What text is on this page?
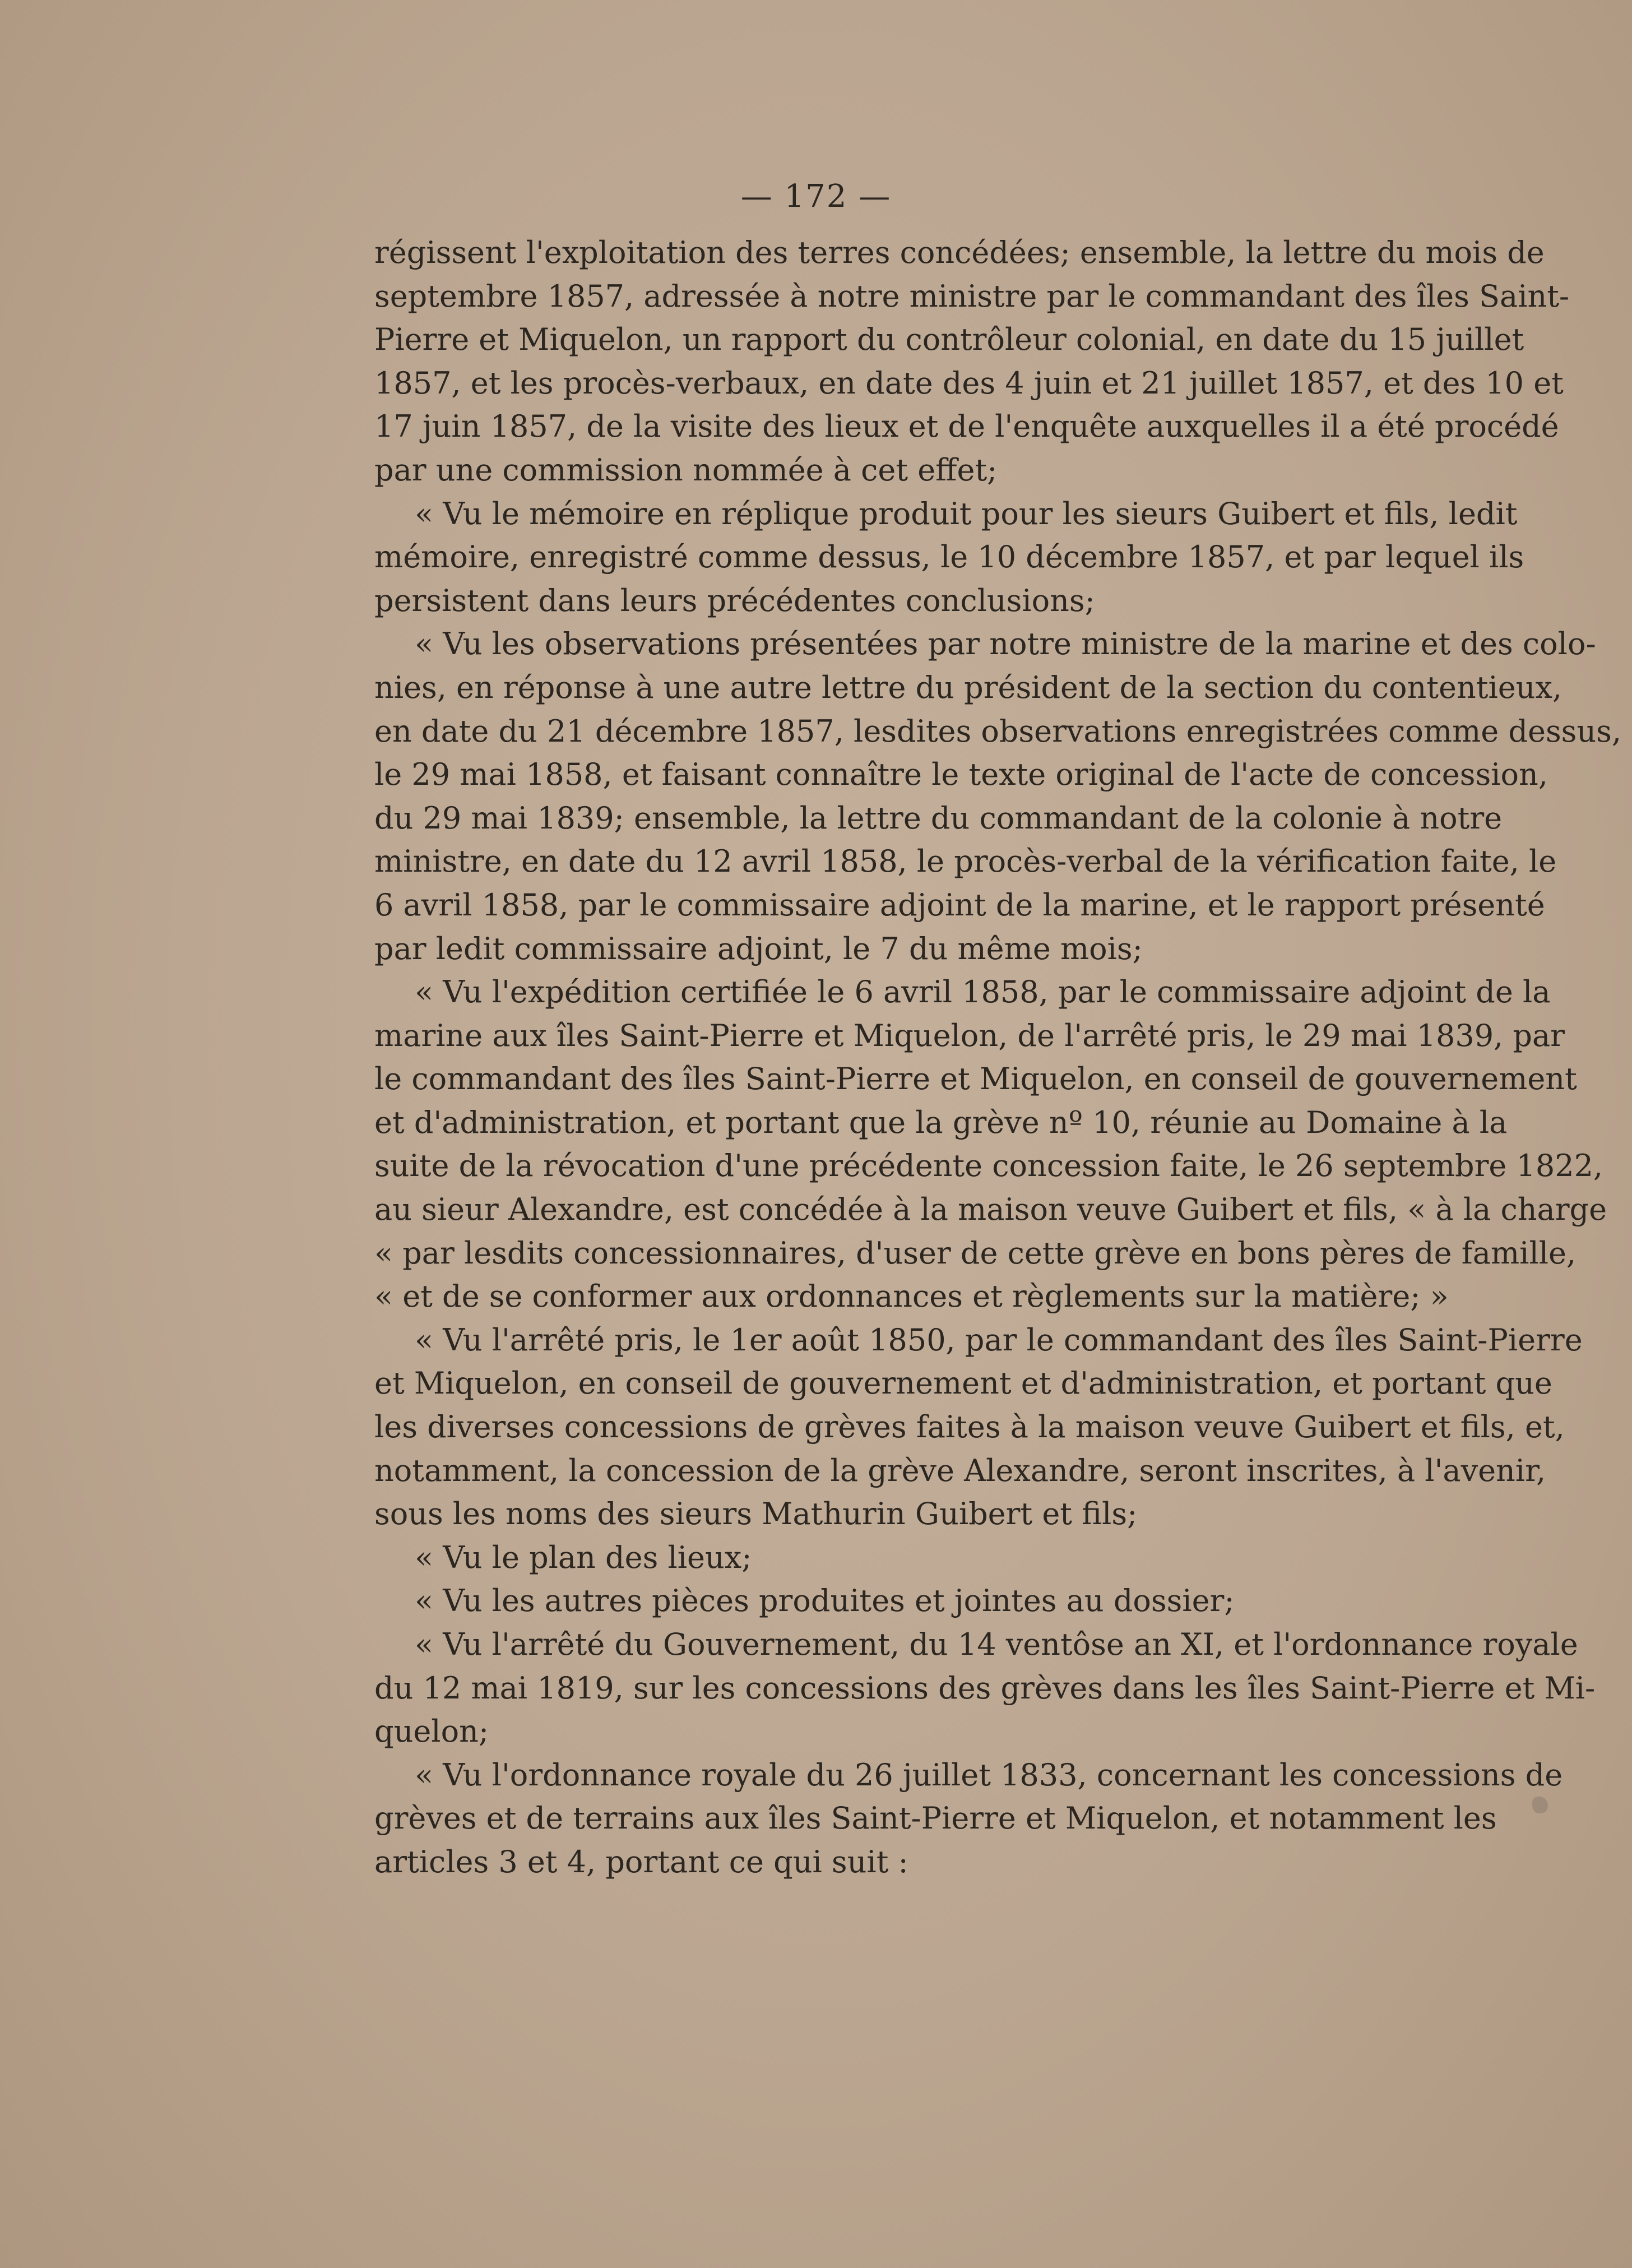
— 172 —
régissent l'exploitation des terres concédées; ensemble, la lettre du mois de
septembre 1857, adressée à notre ministre par le commandant des îles Saint-
Pierre et Miquelon, un rapport du contrôleur colonial, en date du 15 juillet
1857, et les procès-verbaux, en date des 4 juin et 21 juillet 1857, et des 10 et
17 juin 1857, de la visite des lieux et de l'enquête auxquelles il a été procédé
par une commission nommée à cet effet;
« Vu le mémoire en réplique produit pour les sieurs Guibert et fils, ledit
mémoire, enregistré comme dessus, le 10 décembre 1857, et par lequel ils
persistent dans leurs précédentes conclusions;
« Vu les observations présentées par notre ministre de la marine et des colo-
nies, en réponse à une autre lettre du président de la section du contentieux,
en date du 21 décembre 1857, lesdites observations enregistrées comme dessus,
le 29 mai 1858, et faisant connaître le texte original de l'acte de concession,
du 29 mai 1839; ensemble, la lettre du commandant de la colonie à notre
ministre, en date du 12 avril 1858, le procès-verbal de la vérification faite, le
6 avril 1858, par le commissaire adjoint de la marine, et le rapport présenté
par ledit commissaire adjoint, le 7 du même mois;
« Vu l'expédition certifiée le 6 avril 1858, par le commissaire adjoint de la
marine aux îles Saint-Pierre et Miquelon, de l'arrêté pris, le 29 mai 1839, par
le commandant des îles Saint-Pierre et Miquelon, en conseil de gouvernement
et d'administration, et portant que la grève nº 10, réunie au Domaine à la
suite de la révocation d'une précédente concession faite, le 26 septembre 1822,
au sieur Alexandre, est concédée à la maison veuve Guibert et fils, « à la charge
« par lesdits concessionnaires, d'user de cette grève en bons pères de famille,
« et de se conformer aux ordonnances et règlements sur la matière; »
« Vu l'arrêté pris, le 1er août 1850, par le commandant des îles Saint-Pierre
et Miquelon, en conseil de gouvernement et d'administration, et portant que
les diverses concessions de grèves faites à la maison veuve Guibert et fils, et,
notamment, la concession de la grève Alexandre, seront inscrites, à l'avenir,
sous les noms des sieurs Mathurin Guibert et fils;
« Vu le plan des lieux;
« Vu les autres pièces produites et jointes au dossier;
« Vu l'arrêté du Gouvernement, du 14 ventôse an XI, et l'ordonnance royale
du 12 mai 1819, sur les concessions des grèves dans les îles Saint-Pierre et Mi-
quelon;
« Vu l'ordonnance royale du 26 juillet 1833, concernant les concessions de
grèves et de terrains aux îles Saint-Pierre et Miquelon, et notamment les
articles 3 et 4, portant ce qui suit :
